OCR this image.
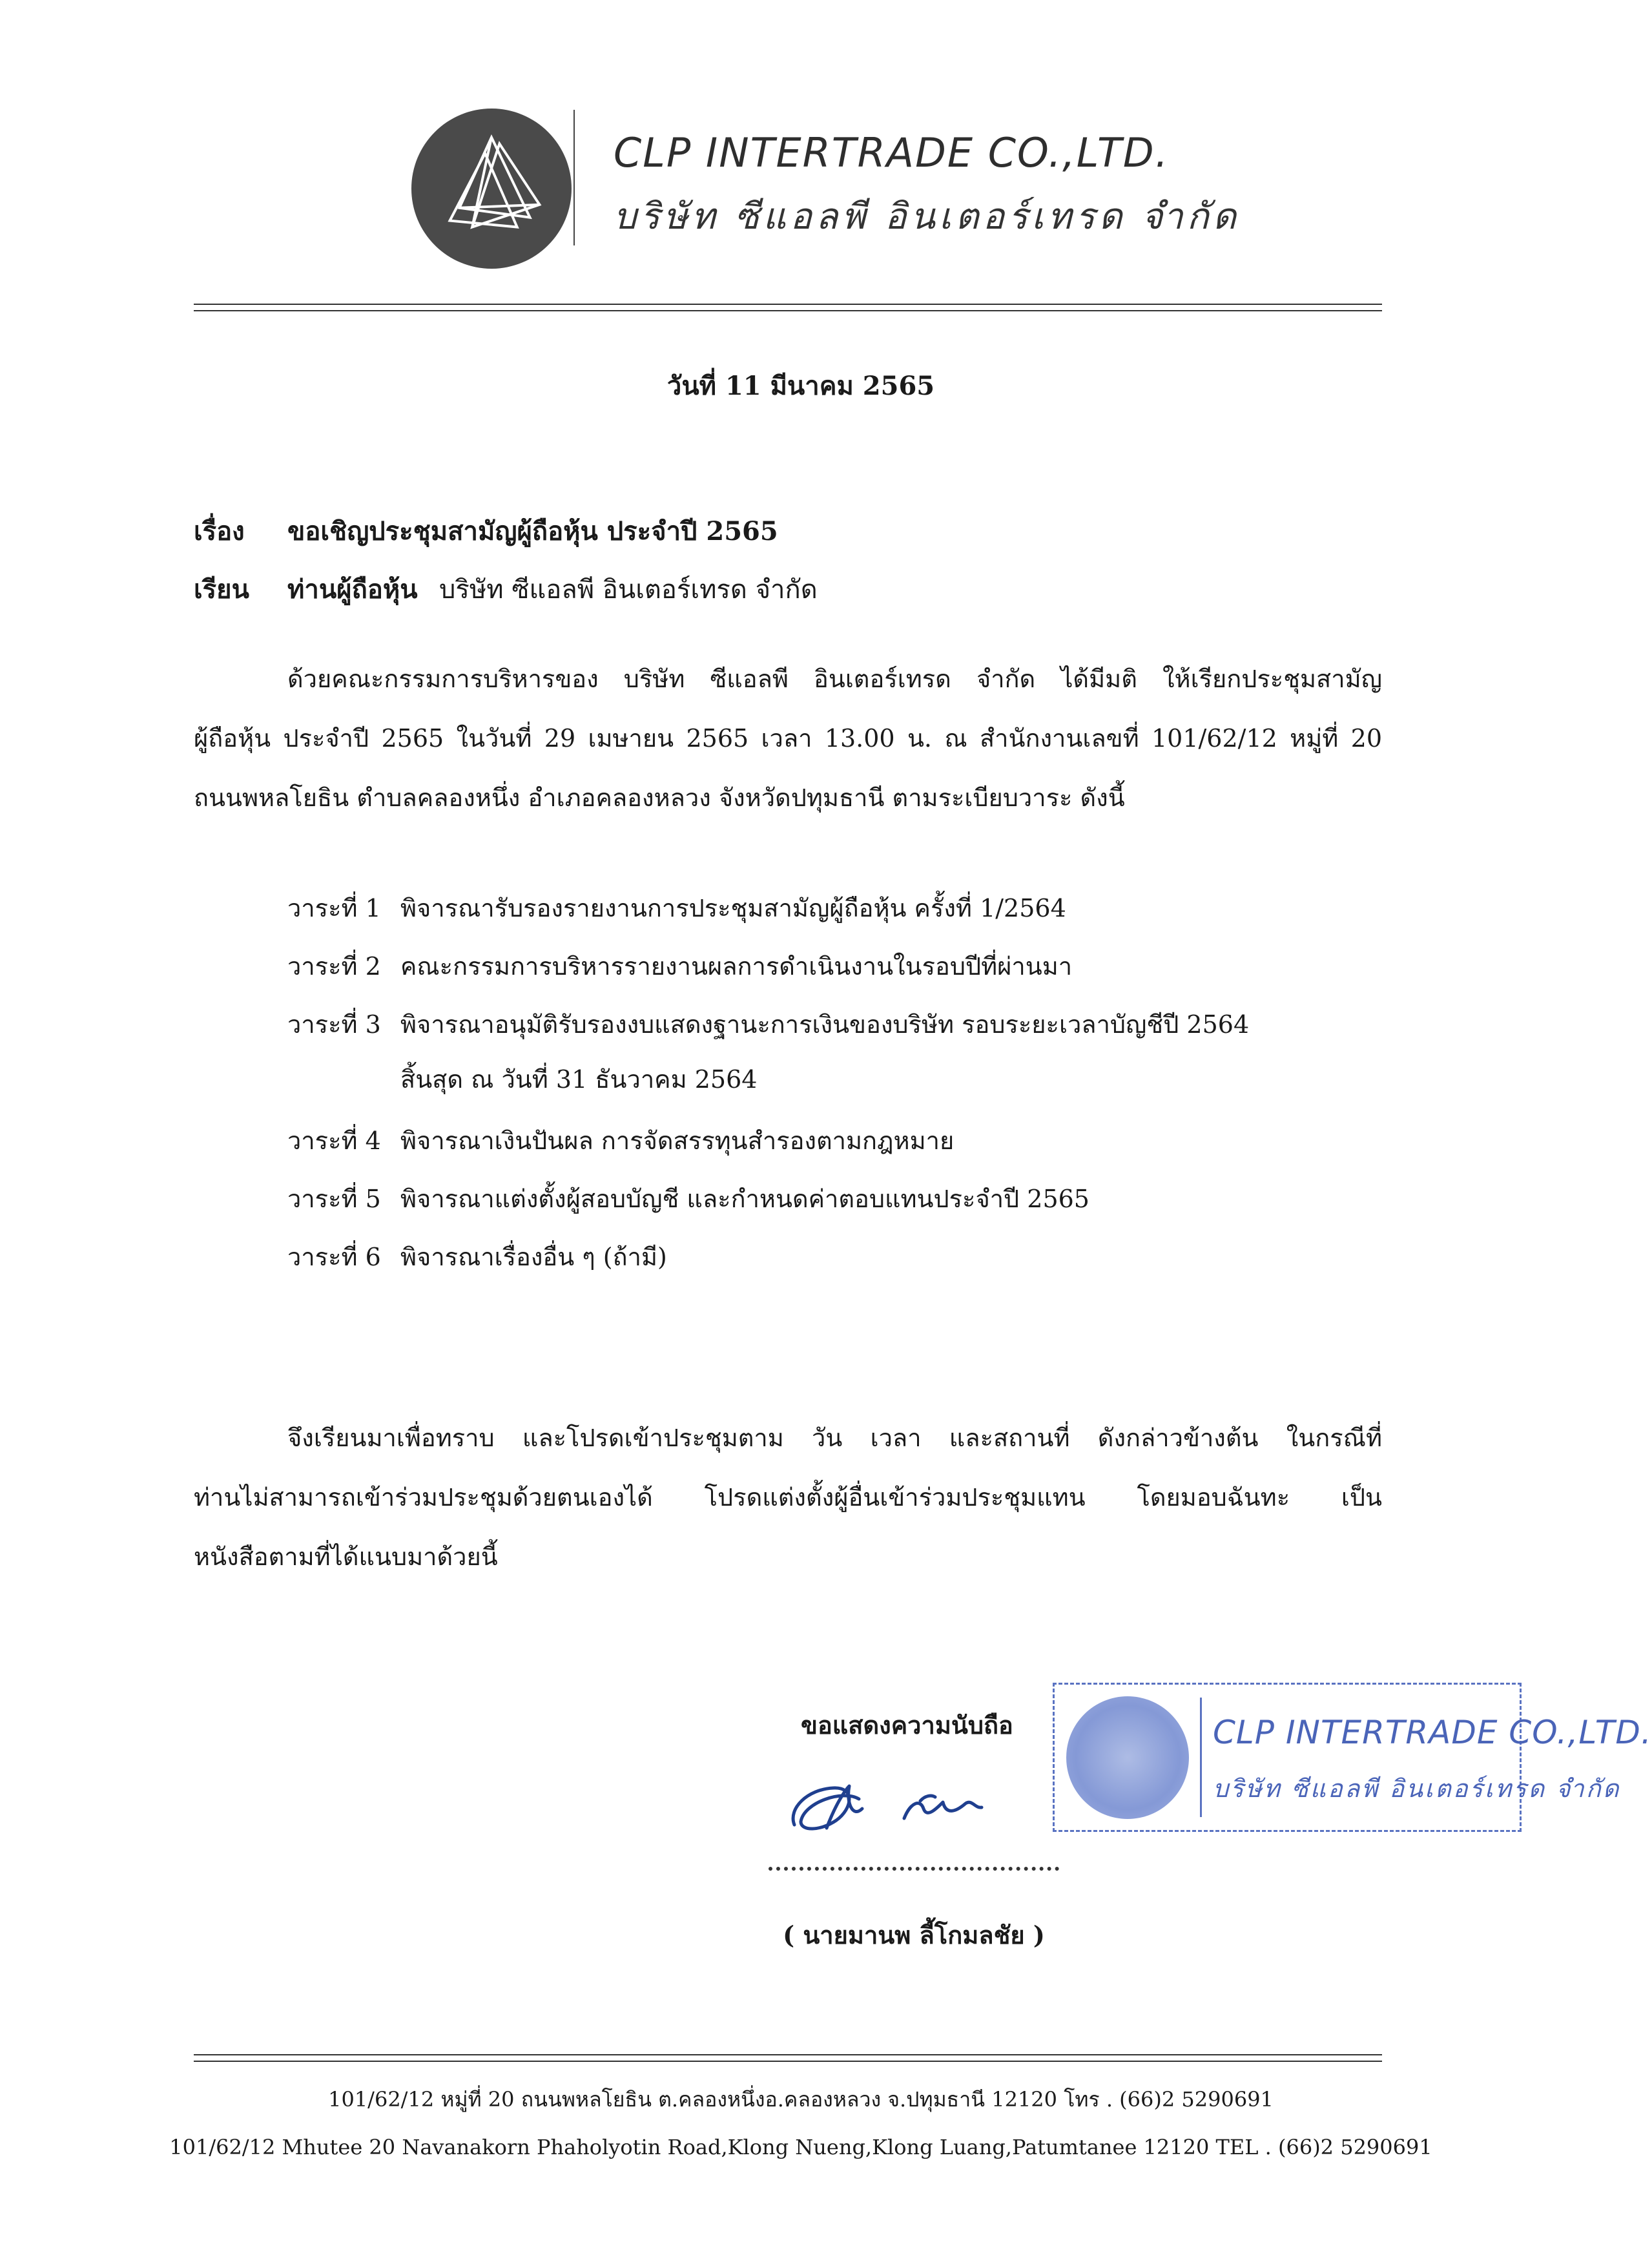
CLP INTERTRADE CO.,LTD.
บริษัท ซีแอลพี อินเตอร์เทรด จำกัด
วันที่ 11 มีนาคม 2565
เรื่อง ขอเชิญประชุมสามัญผู้ถือหุ้น ประจำปี 2565
เรียน ท่านผู้ถือหุ้น บริษัท ซีแอลพี อินเตอร์เทรด จำกัด
ด้วยคณะกรรมการบริหารของ บริษัท ซีแอลพี อินเตอร์เทรด จำกัด ได้มีมติ ให้เรียกประชุมสามัญ
ผู้ถือหุ้น ประจำปี 2565 ในวันที่ 29 เมษายน 2565 เวลา 13.00 น. ณ สำนักงานเลขที่ 101/62/12 หมู่ที่ 20
ถนนพหลโยธิน ตำบลคลองหนึ่ง อำเภอคลองหลวง จังหวัดปทุมธานี ตามระเบียบวาระ ดังนี้
วาระที่ 1 พิจารณารับรองรายงานการประชุมสามัญผู้ถือหุ้น ครั้งที่ 1/2564
วาระที่ 2 คณะกรรมการบริหารรายงานผลการดำเนินงานในรอบปีที่ผ่านมา
วาระที่ 3 พิจารณาอนุมัติรับรองงบแสดงฐานะการเงินของบริษัท รอบระยะเวลาบัญชีปี 2564
สิ้นสุด ณ วันที่ 31 ธันวาคม 2564
วาระที่ 4 พิจารณาเงินปันผล การจัดสรรทุนสำรองตามกฎหมาย
วาระที่ 5 พิจารณาแต่งตั้งผู้สอบบัญชี และกำหนดค่าตอบแทนประจำปี 2565
วาระที่ 6 พิจารณาเรื่องอื่น ๆ (ถ้ามี)
จึงเรียนมาเพื่อทราบ และโปรดเข้าประชุมตาม วัน เวลา และสถานที่ ดังกล่าวข้างต้น ในกรณีที่
ท่านไม่สามารถเข้าร่วมประชุมด้วยตนเองได้ โปรดแต่งตั้งผู้อื่นเข้าร่วมประชุมแทน โดยมอบฉันทะ เป็น
หนังสือตามที่ได้แนบมาด้วยนี้
ขอแสดงความนับถือ
( นายมานพ ลี้โกมลชัย )
CLP INTERTRADE CO.,LTD.
บริษัท ซีแอลพี อินเตอร์เทรด จำกัด
101/62/12 หมู่ที่ 20 ถนนพหลโยธิน ต.คลองหนึ่งอ.คลองหลวง จ.ปทุมธานี 12120 โทร . (66)2 5290691
101/62/12 Mhutee 20 Navanakorn Phaholyotin Road,Klong Nueng,Klong Luang,Patumtanee 12120 TEL . (66)2 5290691
